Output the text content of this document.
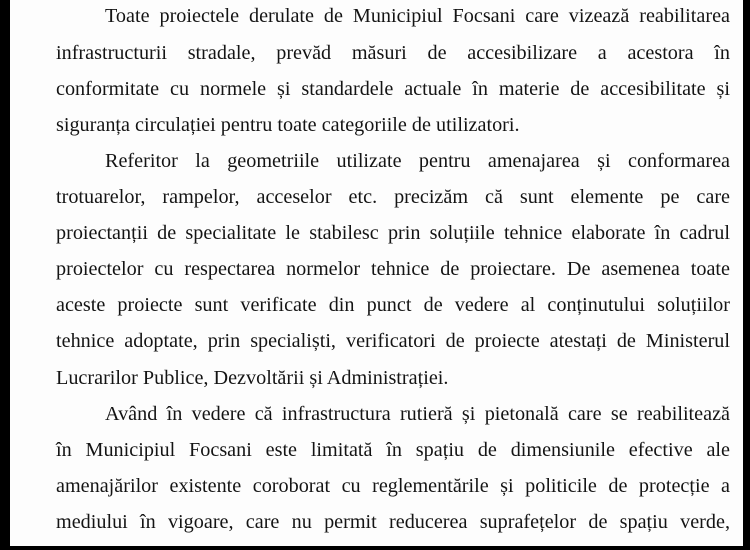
Toate proiectele derulate de Municipiul Focsani care vizează reabilitarea
infrastructurii stradale, prevăd măsuri de accesibilizare a acestora în
conformitate cu normele și standardele actuale în materie de accesibilitate și
siguranța circulației pentru toate categoriile de utilizatori.
Referitor la geometriile utilizate pentru amenajarea și conformarea
trotuarelor, rampelor, acceselor etc. precizăm că sunt elemente pe care
proiectanții de specialitate le stabilesc prin soluțiile tehnice elaborate în cadrul
proiectelor cu respectarea normelor tehnice de proiectare. De asemenea toate
aceste proiecte sunt verificate din punct de vedere al conținutului soluțiilor
tehnice adoptate, prin specialiști, verificatori de proiecte atestați de Ministerul
Lucrarilor Publice, Dezvoltării și Administrației.
Având în vedere că infrastructura rutieră și pietonală care se reabilitează
în Municipiul Focsani este limitată în spațiu de dimensiunile efective ale
amenajărilor existente coroborat cu reglementările și politicile de protecție a
mediului în vigoare, care nu permit reducerea suprafețelor de spațiu verde,
